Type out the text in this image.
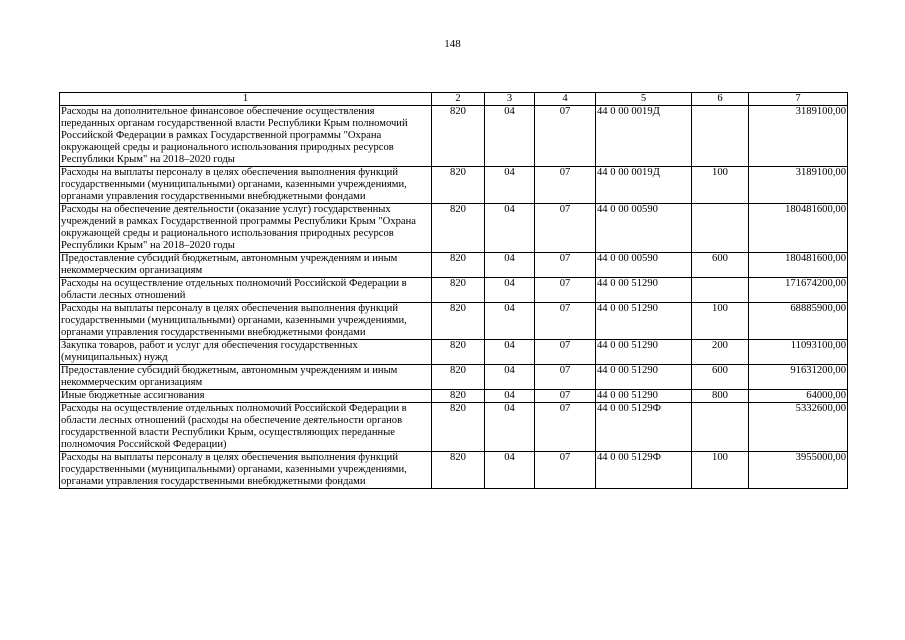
148
1	2	3	4	5	6	7
Расходы на дополнительное финансовое обеспечение осуществления переданных органам государственной власти Республики Крым полномочий Российской Федерации в рамках Государственной программы "Охрана окружающей среды и рационального использования природных ресурсов Республики Крым" на 2018–2020 годы	820	04	07	44 0 00 0019Д		3189100,00
Расходы на выплаты персоналу в целях обеспечения выполнения функций государственными (муниципальными) органами, казенными учреждениями, органами управления государственными внебюджетными фондами	820	04	07	44 0 00 0019Д	100	3189100,00
Расходы на обеспечение деятельности (оказание услуг) государственных учреждений в рамках Государственной программы Республики Крым "Охрана окружающей среды и рационального использования природных ресурсов Республики Крым" на 2018–2020 годы	820	04	07	44 0 00 00590		180481600,00
Предоставление субсидий бюджетным, автономным учреждениям и иным некоммерческим организациям	820	04	07	44 0 00 00590	600	180481600,00
Расходы на осуществление отдельных полномочий Российской Федерации в области лесных отношений	820	04	07	44 0 00 51290		171674200,00
Расходы на выплаты персоналу в целях обеспечения выполнения функций государственными (муниципальными) органами, казенными учреждениями, органами управления государственными внебюджетными фондами	820	04	07	44 0 00 51290	100	68885900,00
Закупка товаров, работ и услуг для обеспечения государственных (муниципальных) нужд	820	04	07	44 0 00 51290	200	11093100,00
Предоставление субсидий бюджетным, автономным учреждениям и иным некоммерческим организациям	820	04	07	44 0 00 51290	600	91631200,00
Иные бюджетные ассигнования	820	04	07	44 0 00 51290	800	64000,00
Расходы на осуществление отдельных полномочий Российской Федерации в области лесных отношений (расходы на обеспечение деятельности органов государственной власти Республики Крым, осуществляющих переданные полномочия Российской Федерации)	820	04	07	44 0 00 5129Ф		5332600,00
Расходы на выплаты персоналу в целях обеспечения выполнения функций государственными (муниципальными) органами, казенными учреждениями, органами управления государственными внебюджетными фондами	820	04	07	44 0 00 5129Ф	100	3955000,00
